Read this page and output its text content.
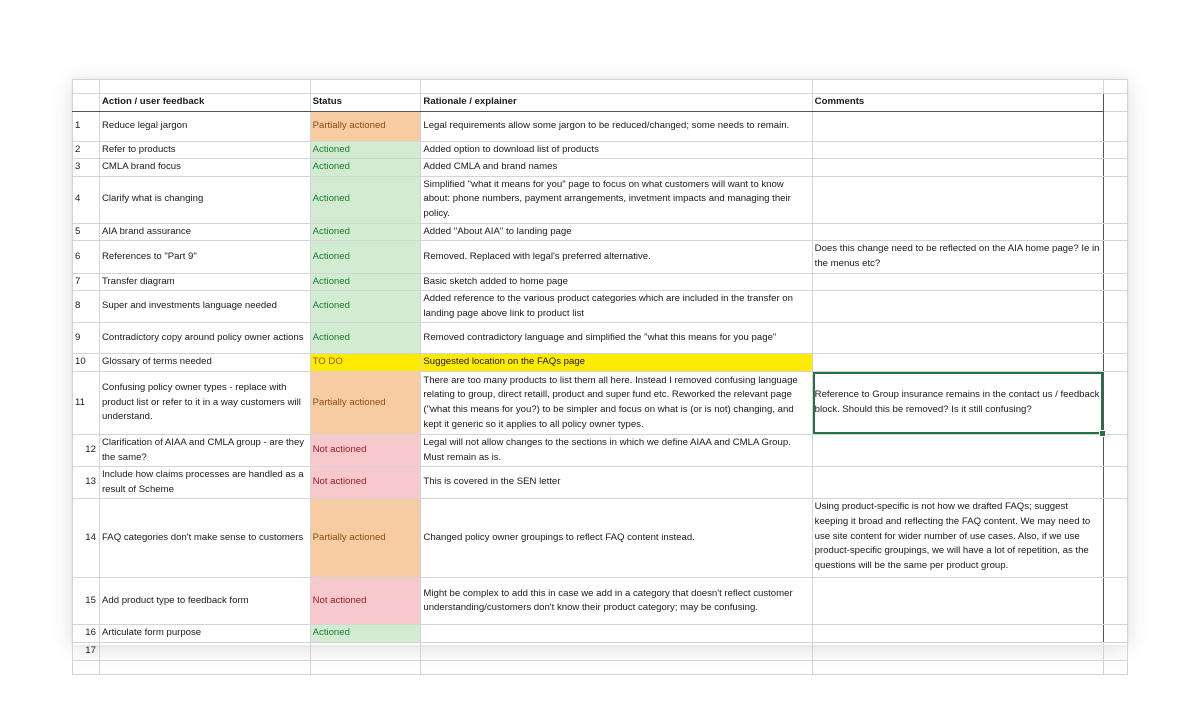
	Action / user feedback	Status	Rationale / explainer	Comments	
1	Reduce legal jargon	Partially actioned	Legal requirements allow some jargon to be reduced/changed; some needs to remain.		
2	Refer to products	Actioned	Added option to download list of products		
3	CMLA brand focus	Actioned	Added CMLA and brand names		
4	Clarify what is changing	Actioned	Simplified "what it means for you" page to focus on what customers will want to know about: phone numbers, payment arrangements, invetment impacts and managing their policy.		
5	AIA brand assurance	Actioned	Added "About AIA" to landing page		
6	References to "Part 9"	Actioned	Removed. Replaced with legal's preferred alternative.	Does this change need to be reflected on the AIA home page? Ie in the menus etc?	
7	Transfer diagram	Actioned	Basic sketch added to home page		
8	Super and investments language needed	Actioned	Added reference to the various product categories which are included in the transfer on landing page above link to product list		
9	Contradictory copy around policy owner actions	Actioned	Removed contradictory language and simplified the "what this means for you page"		
10	Glossary of terms needed	TO DO	Suggested location on the FAQs page		
11	Confusing policy owner types - replace with product list or refer to it in a way customers will understand.	Partially actioned	There are too many products to list them all here. Instead I removed confusing language relating to group, direct retaill, product and super fund etc. Reworked the relevant page ("what this means for you?) to be simpler and focus on what is (or is not) changing, and kept it generic so it applies to all policy owner types.	Reference to Group insurance remains in the contact us / feedback block. Should this be removed? Is it still confusing?

12	Clarification of AIAA and CMLA group - are they the same?	Not actioned	Legal will not allow changes to the sections in which we define AIAA and CMLA Group. Must remain as is.		
13	Include how claims processes are handled as a result of Scheme	Not actioned	This is covered in the SEN letter		
14	FAQ categories don't make sense to customers	Partially actioned	Changed policy owner groupings to reflect FAQ content instead.	Using product-specific is not how we drafted FAQs; suggest keeping it broad and reflecting the FAQ content. We may need to use site content for wider number of use cases. Also, if we use product-specific groupings, we will have a lot of repetition, as the questions will be the same per product group.	
15	Add product type to feedback form	Not actioned	Might be complex to add this in case we add in a category that doesn't reflect customer understanding/customers don't know their product category; may be confusing.		
16	Articulate form purpose	Actioned			
17					
